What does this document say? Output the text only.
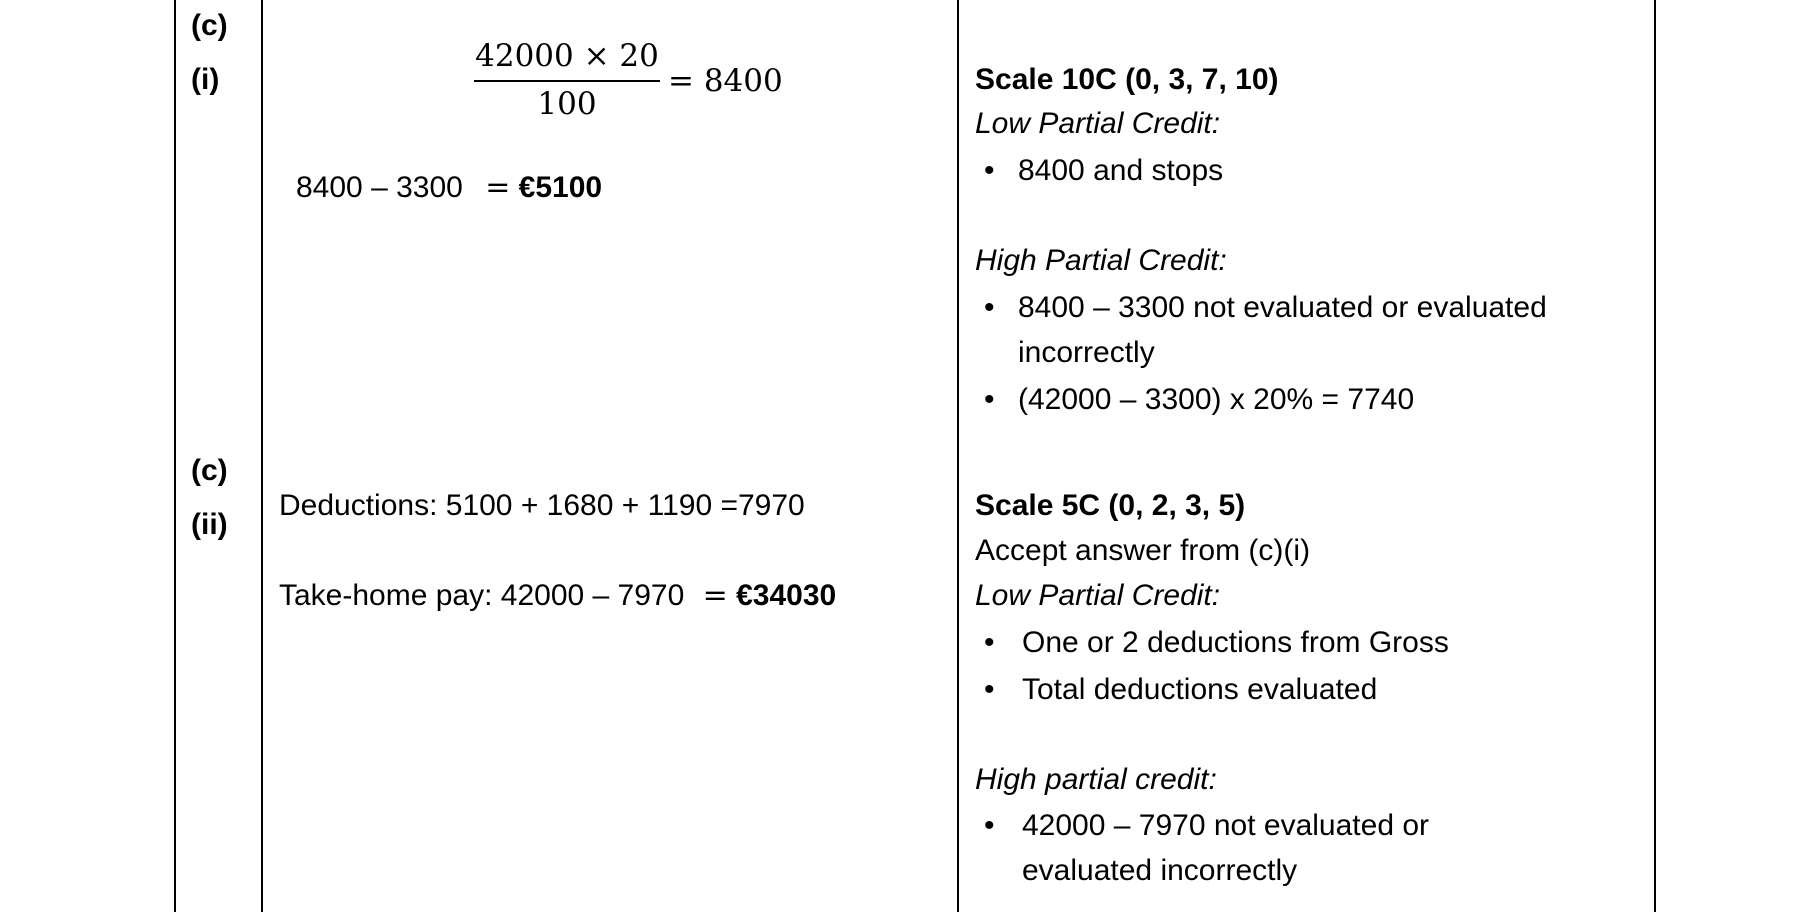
(c)
(i)
42000 × 20
100
= 8400
8400 – 3300 = €5100
Scale 10C (0, 3, 7, 10)
Low Partial Credit:
• 8400 and stops
High Partial Credit:
• 8400 – 3300 not evaluated or evaluated
incorrectly
• (42000 – 3300) x 20% = 7740
(c)
(ii)
Deductions: 5100 + 1680 + 1190 =7970
Take-home pay: 42000 – 7970 = €34030
Scale 5C (0, 2, 3, 5)
Accept answer from (c)(i)
Low Partial Credit:
• One or 2 deductions from Gross
• Total deductions evaluated
High partial credit:
• 42000 – 7970 not evaluated or
evaluated incorrectly
